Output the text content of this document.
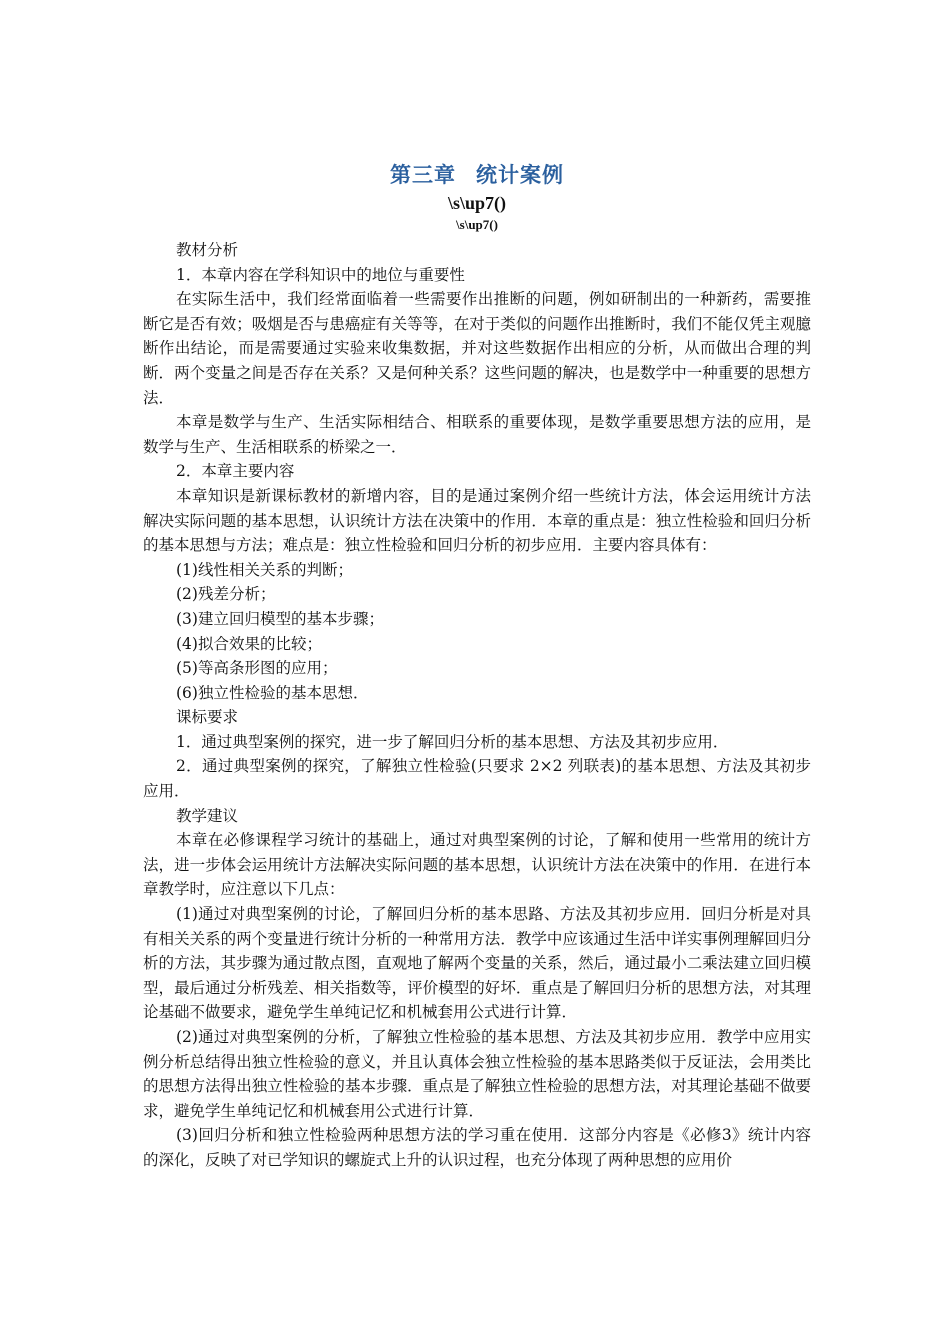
第三章 统计案例
\s\up7()
\s\up7()

教材分析

1．本章内容在学科知识中的地位与重要性

在实际生活中，我们经常面临着一些需要作出推断的问题，例如研制出的一种新药，需要推断它是否有效；吸烟是否与患癌症有关等等，在对于类似的问题作出推断时，我们不能仅凭主观臆断作出结论，而是需要通过实验来收集数据，并对这些数据作出相应的分析，从而做出合理的判断．两个变量之间是否存在关系？又是何种关系？这些问题的解决，也是数学中一种重要的思想方法．

本章是数学与生产、生活实际相结合、相联系的重要体现，是数学重要思想方法的应用，是数学与生产、生活相联系的桥梁之一．

2．本章主要内容

本章知识是新课标教材的新增内容，目的是通过案例介绍一些统计方法，体会运用统计方法解决实际问题的基本思想，认识统计方法在决策中的作用．本章的重点是：独立性检验和回归分析的基本思想与方法；难点是：独立性检验和回归分析的初步应用．主要内容具体有：

(1)线性相关关系的判断；

(2)残差分析；

(3)建立回归模型的基本步骤；

(4)拟合效果的比较；

(5)等高条形图的应用；

(6)独立性检验的基本思想．

课标要求

1．通过典型案例的探究，进一步了解回归分析的基本思想、方法及其初步应用．

2．通过典型案例的探究，了解独立性检验(只要求 2×2 列联表)的基本思想、方法及其初步应用．

教学建议

本章在必修课程学习统计的基础上，通过对典型案例的讨论，了解和使用一些常用的统计方法，进一步体会运用统计方法解决实际问题的基本思想，认识统计方法在决策中的作用．在进行本章教学时，应注意以下几点：

(1)通过对典型案例的讨论，了解回归分析的基本思路、方法及其初步应用．回归分析是对具有相关关系的两个变量进行统计分析的一种常用方法．教学中应该通过生活中详实事例理解回归分析的方法，其步骤为通过散点图，直观地了解两个变量的关系，然后，通过最小二乘法建立回归模型，最后通过分析残差、相关指数等，评价模型的好坏．重点是了解回归分析的思想方法，对其理论基础不做要求，避免学生单纯记忆和机械套用公式进行计算．

(2)通过对典型案例的分析，了解独立性检验的基本思想、方法及其初步应用．教学中应用实例分析总结得出独立性检验的意义，并且认真体会独立性检验的基本思路类似于反证法，会用类比的思想方法得出独立性检验的基本步骤．重点是了解独立性检验的思想方法，对其理论基础不做要求，避免学生单纯记忆和机械套用公式进行计算．

(3)回归分析和独立性检验两种思想方法的学习重在使用．这部分内容是《必修3》统计内容的深化，反映了对已学知识的螺旋式上升的认识过程，也充分体现了两种思想的应用价
